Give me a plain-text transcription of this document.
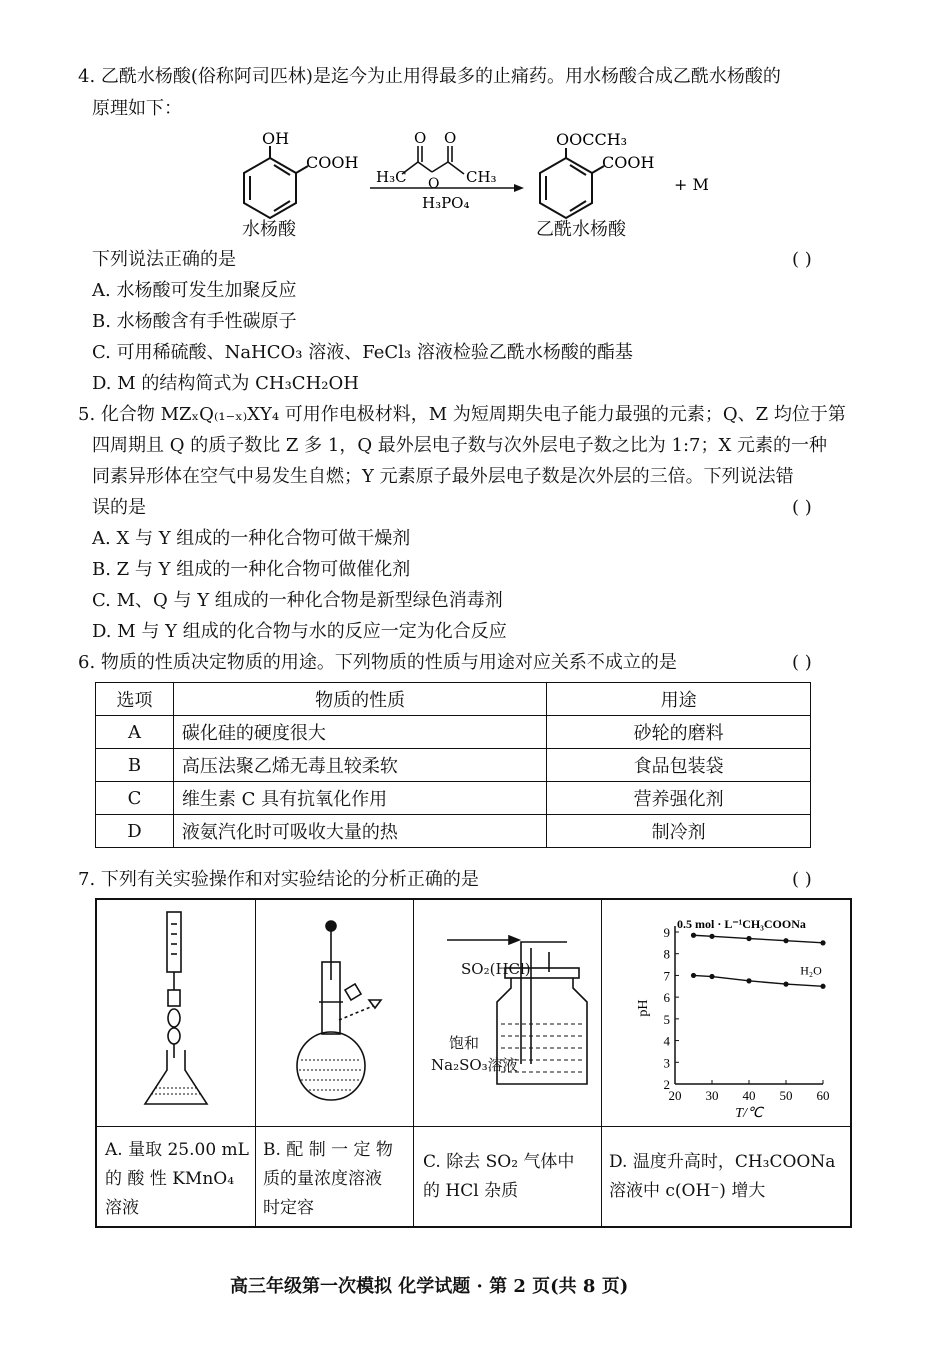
4. 乙酰水杨酸(俗称阿司匹林)是迄今为止用得最多的止痛药。用水杨酸合成乙酰水杨酸的
原理如下：
OH
COOH
O O
O
H₃C	CH₃
H₃PO₄
OOCCH₃
COOH
+ M
水杨酸	乙酰水杨酸
下列说法正确的是	( )
A. 水杨酸可发生加聚反应
B. 水杨酸含有手性碳原子
C. 可用稀硫酸、NaHCO₃ 溶液、FeCl₃ 溶液检验乙酰水杨酸的酯基
D. M 的结构简式为 CH₃CH₂OH
5. 化合物 MZₓQ₍₁₋ₓ₎XY₄ 可用作电极材料，M 为短周期失电子能力最强的元素；Q、Z 均位于第
四周期且 Q 的质子数比 Z 多 1，Q 最外层电子数与次外层电子数之比为 1:7；X 元素的一种
同素异形体在空气中易发生自燃；Y 元素原子最外层电子数是次外层的三倍。下列说法错
误的是	( )
A. X 与 Y 组成的一种化合物可做干燥剂
B. Z 与 Y 组成的一种化合物可做催化剂
C. M、Q 与 Y 组成的一种化合物是新型绿色消毒剂
D. M 与 Y 组成的化合物与水的反应一定为化合反应
6. 物质的性质决定物质的用途。下列物质的性质与用途对应关系不成立的是	( )
选项	物质的性质	用途
A	碳化硅的硬度很大	砂轮的磨料
B	高压法聚乙烯无毒且较柔软	食品包装袋
C	维生素 C 具有抗氧化作用	营养强化剂
D	液氨汽化时可吸收大量的热	制冷剂
7. 下列有关实验操作和对实验结论的分析正确的是	( )
SO₂(HCl)
饱和
Na₂SO₃溶液
2
3
4
5
6
7
8
9
20 30 40 50 60
T/℃
pH
0.5 mol · L⁻¹CH₃COONa
H₂O
A. 量取 25.00 mL
的 酸 性 KMnO₄
溶液
B. 配 制 一 定 物
质的量浓度溶液
时定容
C. 除去 SO₂ 气体中
的 HCl 杂质
D. 温度升高时，CH₃COONa
溶液中 c(OH⁻) 增大
高三年级第一次模拟 化学试题 · 第 2 页(共 8 页)
